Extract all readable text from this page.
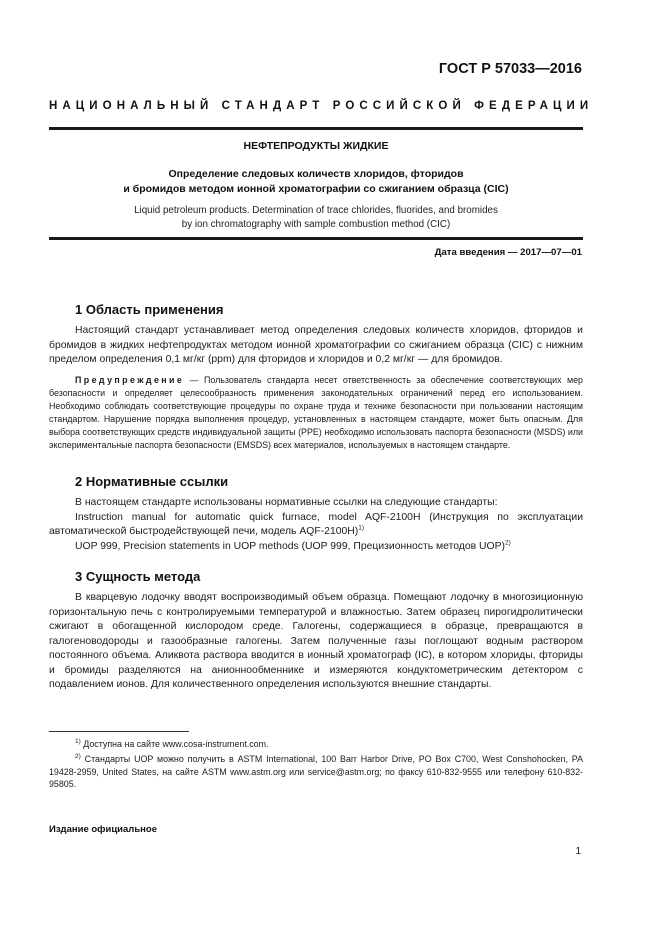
ГОСТ Р 57033—2016
НАЦИОНАЛЬНЫЙ СТАНДАРТ РОССИЙСКОЙ ФЕДЕРАЦИИ
НЕФТЕПРОДУКТЫ ЖИДКИЕ
Определение следовых количеств хлоридов, фторидов
и бромидов методом ионной хроматографии со сжиганием образца (CIC)
Liquid petroleum products. Determination of trace chlorides, fluorides, and bromides
by ion chromatography with sample combustion method (CIC)
Дата введения — 2017—07—01
1 Область применения
Настоящий стандарт устанавливает метод определения следовых количеств хлоридов, фторидов и бромидов в жидких нефтепродуктах методом ионной хроматографии со сжиганием образца (CIC) с нижним пределом определения 0,1 мг/кг (ppm) для фторидов и хлоридов и 0,2 мг/кг — для бромидов.
Предупреждение — Пользователь стандарта несет ответственность за обеспечение соответствующих мер безопасности и определяет целесообразность применения законодательных ограничений перед его использованием. Необходимо соблюдать соответствующие процедуры по охране труда и технике безопасности при пользовании настоящим стандартом. Нарушение порядка выполнения процедур, установленных в настоящем стандарте, может быть опасным. Для выбора соответствующих средств индивидуальной защиты (PPE) необходимо использовать паспорта безопасности (MSDS) или экспериментальные паспорта безопасности (EMSDS) всех материалов, используемых в настоящем стандарте.
2 Нормативные ссылки
В настоящем стандарте использованы нормативные ссылки на следующие стандарты:
Instruction manual for automatic quick furnace, model AQF-2100H (Инструкция по эксплуатации автоматической быстродействующей печи, модель AQF-2100H)$^{1)}$
UOP 999, Precision statements in UOP methods (UOP 999, Прецизионность методов UOP)$^{2)}$
3 Сущность метода
В кварцевую лодочку вводят воспроизводимый объем образца. Помещают лодочку в многозиционную горизонтальную печь с контролируемыми температурой и влажностью. Затем образец пирогидролитически сжигают в обогащенной кислородом среде. Галогены, содержащиеся в образце, превращаются в галогеноводороды и газообразные галогены. Затем полученные газы поглощают водным раствором постоянного объема. Аликвота раствора вводится в ионный хроматограф (IC), в котором хлориды, фториды и бромиды разделяются на анионнообменнике и измеряются кондуктометрическим детектором с подавлением ионов. Для количественного определения используются внешние стандарты.
$^{1)}$ Доступна на сайте www.cosa-instrument.com.
$^{2)}$ Стандарты UOP можно получить в ASTM International, 100 Barr Harbor Drive, PO Box C700, West Conshohocken, PA 19428-2959, United States, на сайте ASTM www.astm.org или service@astm.org; по факсу 610-832-9555 или телефону 610-832-95805.
Издание официальное
1
